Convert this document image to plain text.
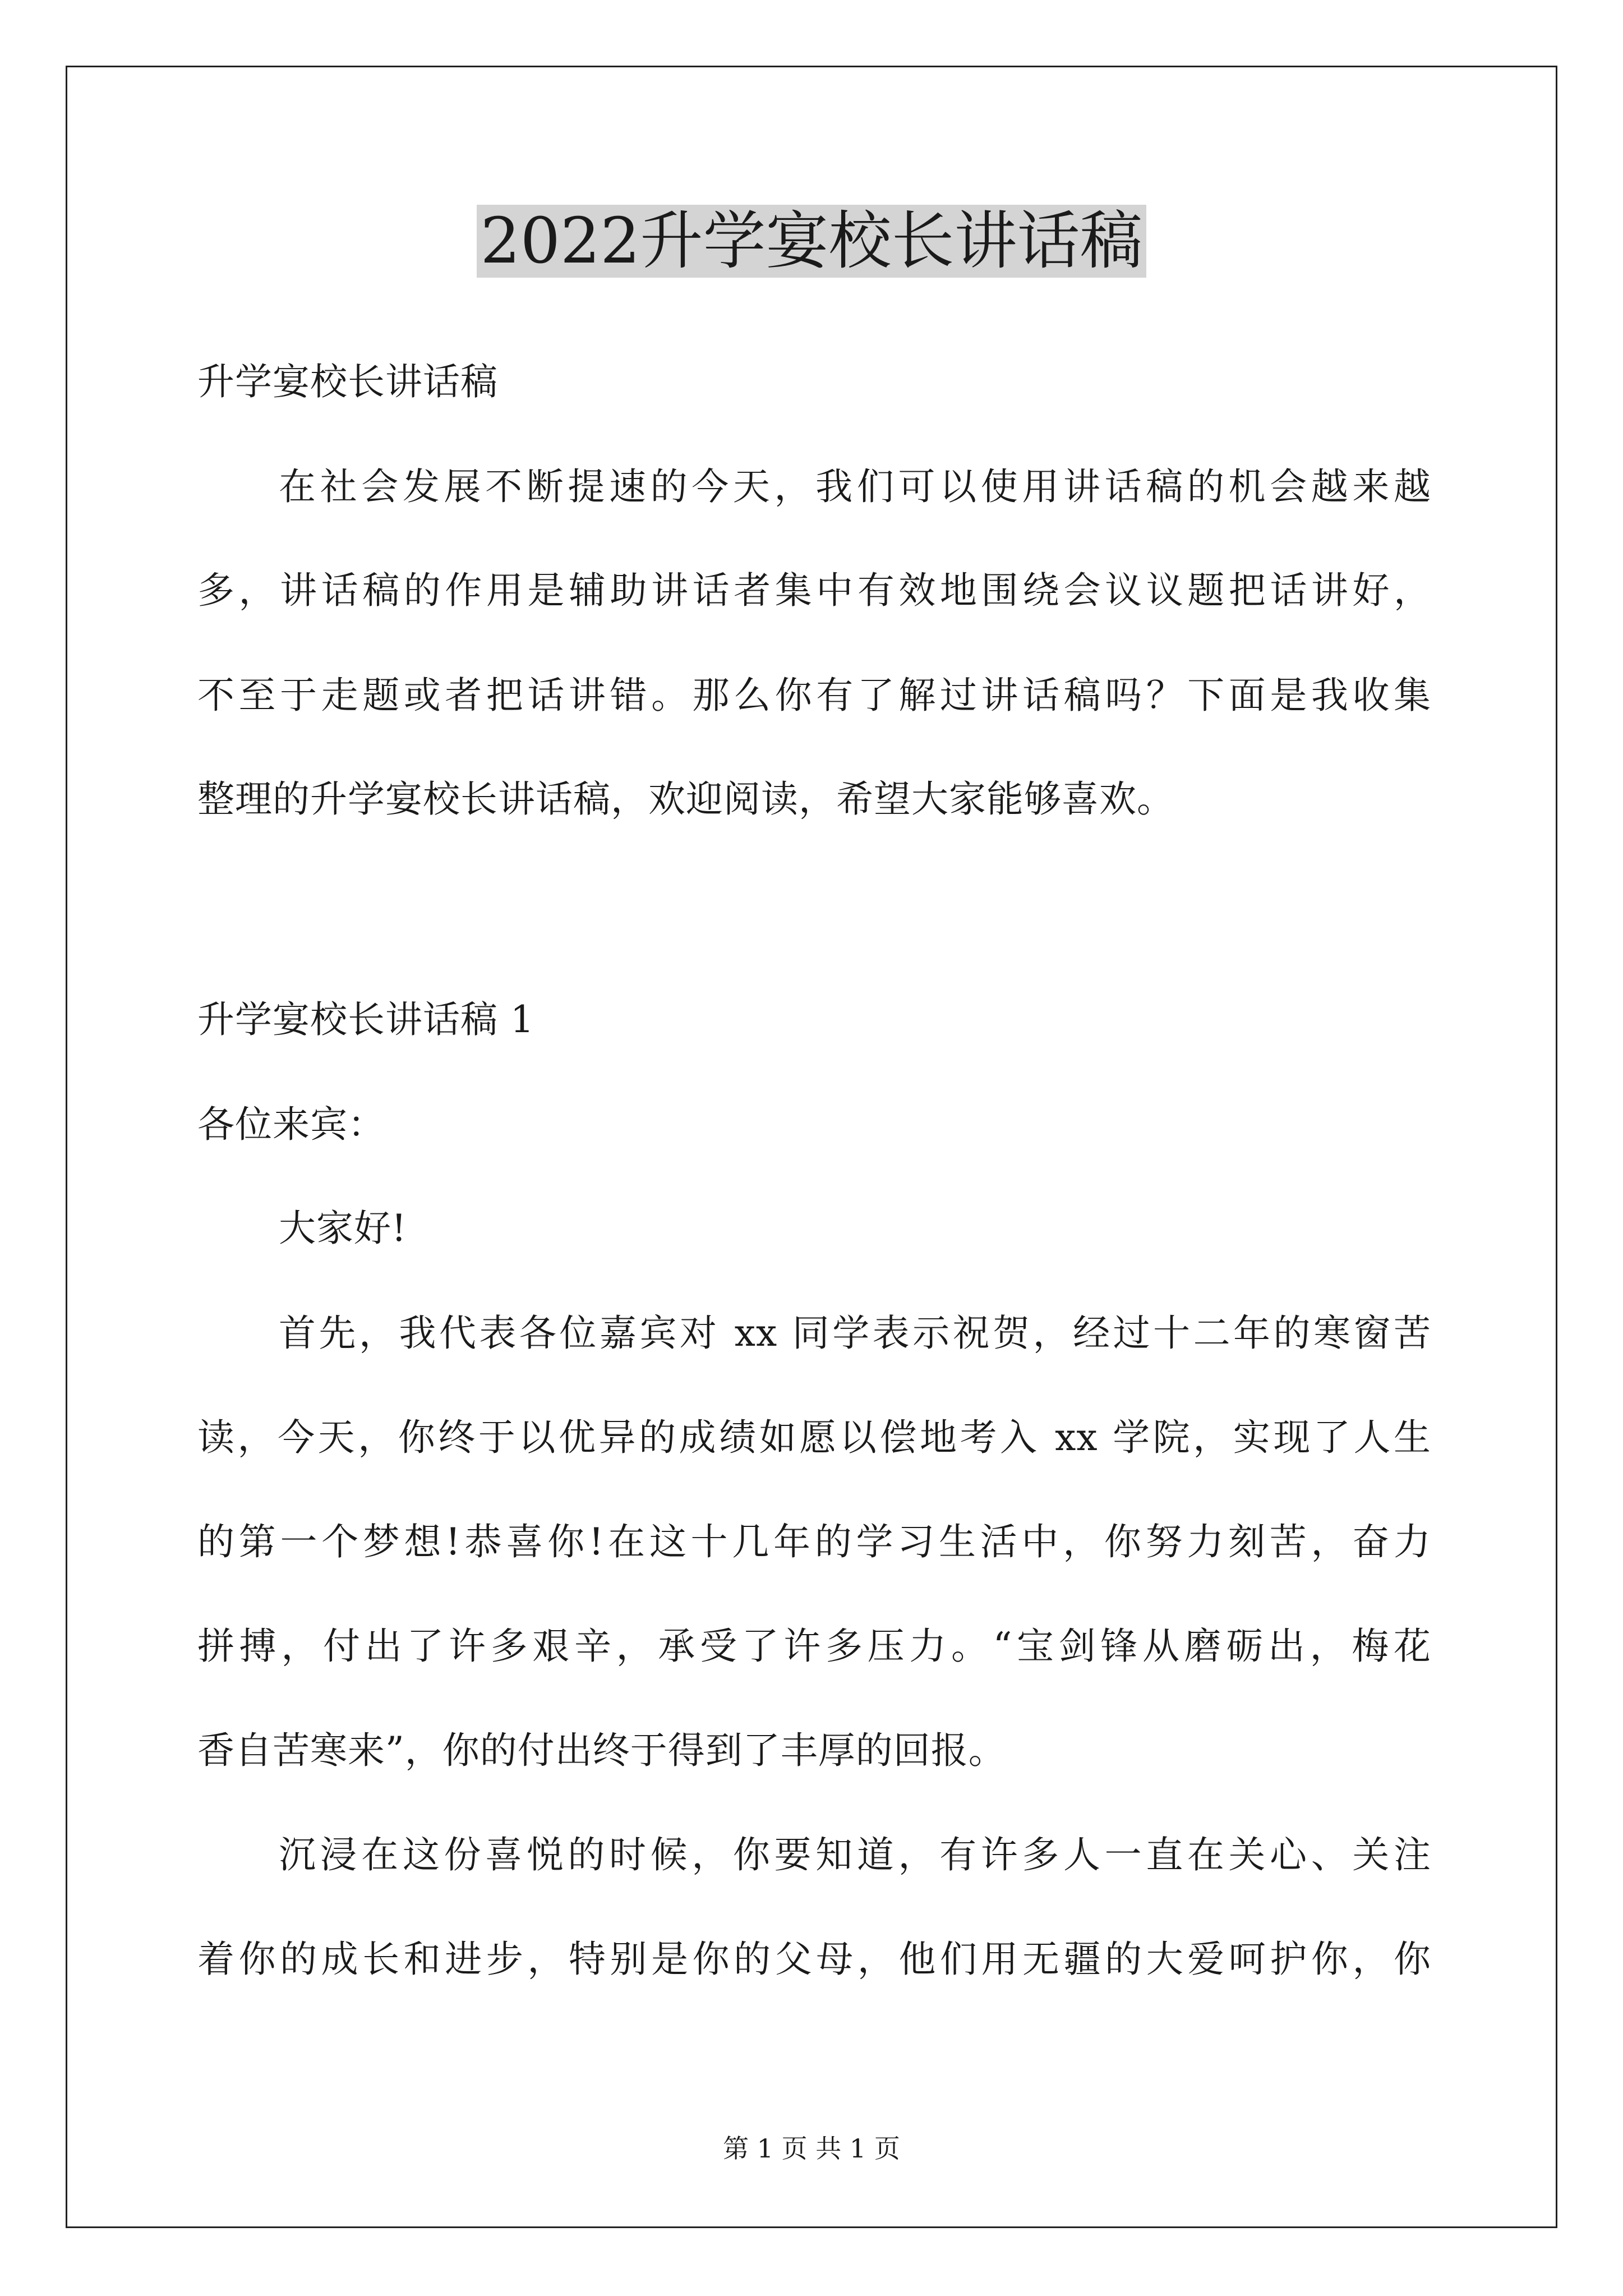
2022升学宴校长讲话稿
升学宴校长讲话稿
在社会发展不断提速的今天，我们可以使用讲话稿的机会越来越
多，讲话稿的作用是辅助讲话者集中有效地围绕会议议题把话讲好，
不至于走题或者把话讲错。那么你有了解过讲话稿吗？下面是我收集
整理的升学宴校长讲话稿，欢迎阅读，希望大家能够喜欢。
升学宴校长讲话稿 1
各位来宾：
大家好!
首先，我代表各位嘉宾对 xx 同学表示祝贺，经过十二年的寒窗苦
读，今天，你终于以优异的成绩如愿以偿地考入 xx 学院，实现了人生
的第一个梦想!恭喜你!在这十几年的学习生活中，你努力刻苦，奋力
拼搏，付出了许多艰辛，承受了许多压力。“宝剑锋从磨砺出，梅花
香自苦寒来”，你的付出终于得到了丰厚的回报。
沉浸在这份喜悦的时候，你要知道，有许多人一直在关心、关注
着你的成长和进步，特别是你的父母，他们用无疆的大爱呵护你，你
第 1 页 共 1 页
